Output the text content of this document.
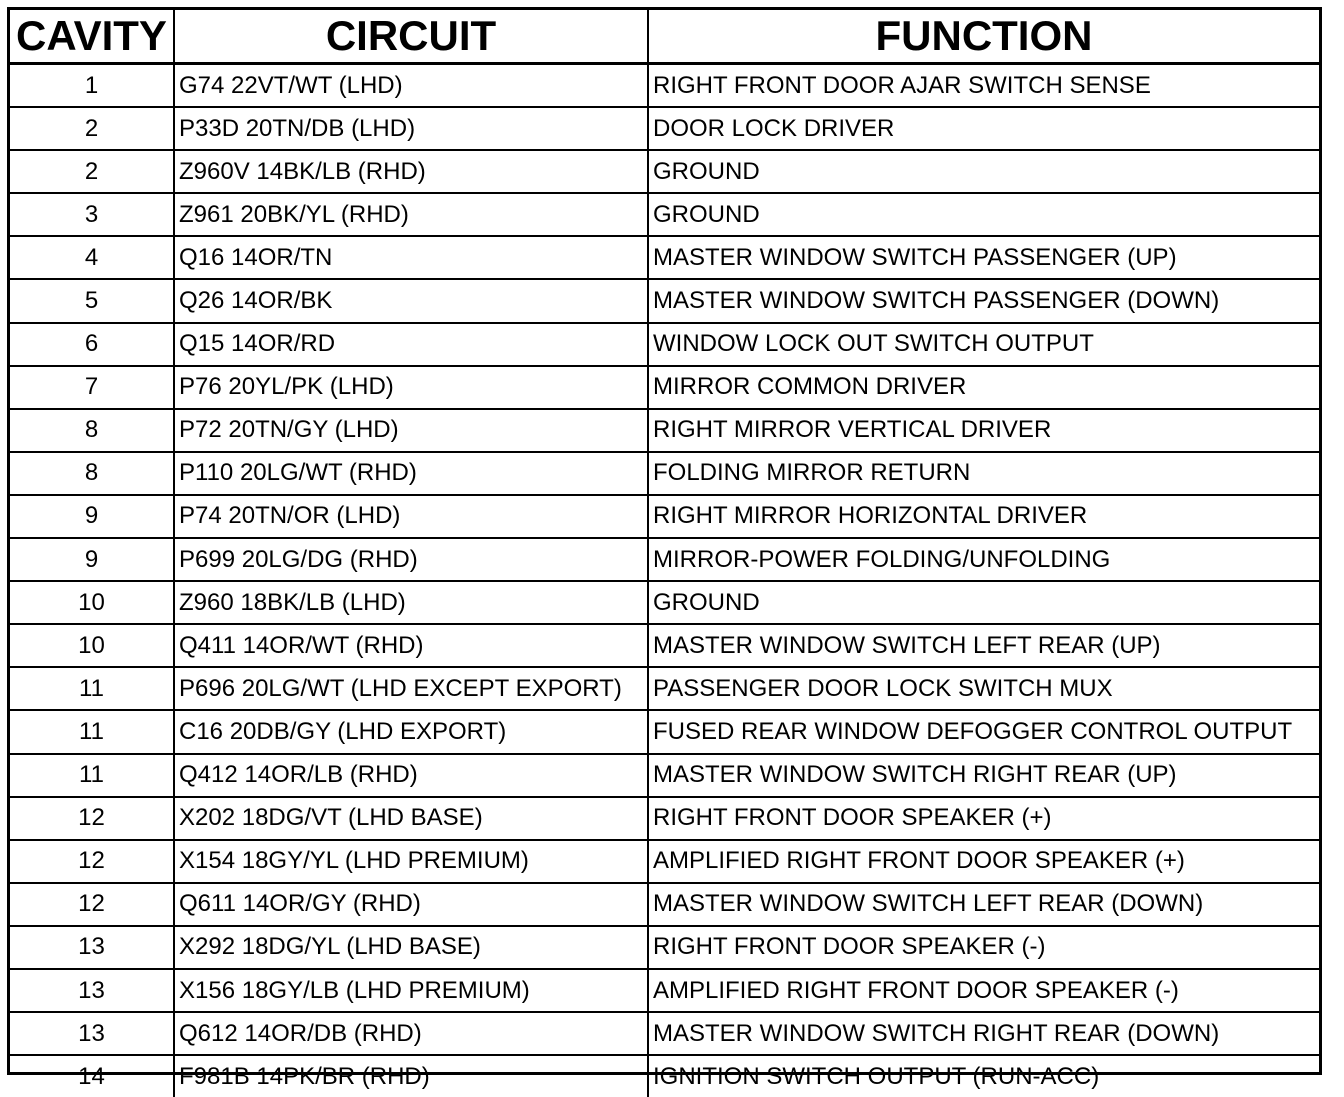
CAVITY	CIRCUIT	FUNCTION
1	G74 22VT/WT (LHD)	RIGHT FRONT DOOR AJAR SWITCH SENSE
2	P33D 20TN/DB (LHD)	DOOR LOCK DRIVER
2	Z960V 14BK/LB (RHD)	GROUND
3	Z961 20BK/YL (RHD)	GROUND
4	Q16 14OR/TN	MASTER WINDOW SWITCH PASSENGER (UP)
5	Q26 14OR/BK	MASTER WINDOW SWITCH PASSENGER (DOWN)
6	Q15 14OR/RD	WINDOW LOCK OUT SWITCH OUTPUT
7	P76 20YL/PK (LHD)	MIRROR COMMON DRIVER
8	P72 20TN/GY (LHD)	RIGHT MIRROR VERTICAL DRIVER
8	P110 20LG/WT (RHD)	FOLDING MIRROR RETURN
9	P74 20TN/OR (LHD)	RIGHT MIRROR HORIZONTAL DRIVER
9	P699 20LG/DG (RHD)	MIRROR-POWER FOLDING/UNFOLDING
10	Z960 18BK/LB (LHD)	GROUND
10	Q411 14OR/WT (RHD)	MASTER WINDOW SWITCH LEFT REAR (UP)
11	P696 20LG/WT (LHD EXCEPT EXPORT)	PASSENGER DOOR LOCK SWITCH MUX
11	C16 20DB/GY (LHD EXPORT)	FUSED REAR WINDOW DEFOGGER CONTROL OUTPUT
11	Q412 14OR/LB (RHD)	MASTER WINDOW SWITCH RIGHT REAR (UP)
12	X202 18DG/VT (LHD BASE)	RIGHT FRONT DOOR SPEAKER (+)
12	X154 18GY/YL (LHD PREMIUM)	AMPLIFIED RIGHT FRONT DOOR SPEAKER (+)
12	Q611 14OR/GY (RHD)	MASTER WINDOW SWITCH LEFT REAR (DOWN)
13	X292 18DG/YL (LHD BASE)	RIGHT FRONT DOOR SPEAKER (-)
13	X156 18GY/LB (LHD PREMIUM)	AMPLIFIED RIGHT FRONT DOOR SPEAKER (-)
13	Q612 14OR/DB (RHD)	MASTER WINDOW SWITCH RIGHT REAR (DOWN)
14	F981B 14PK/BR (RHD)	IGNITION SWITCH OUTPUT (RUN-ACC)
